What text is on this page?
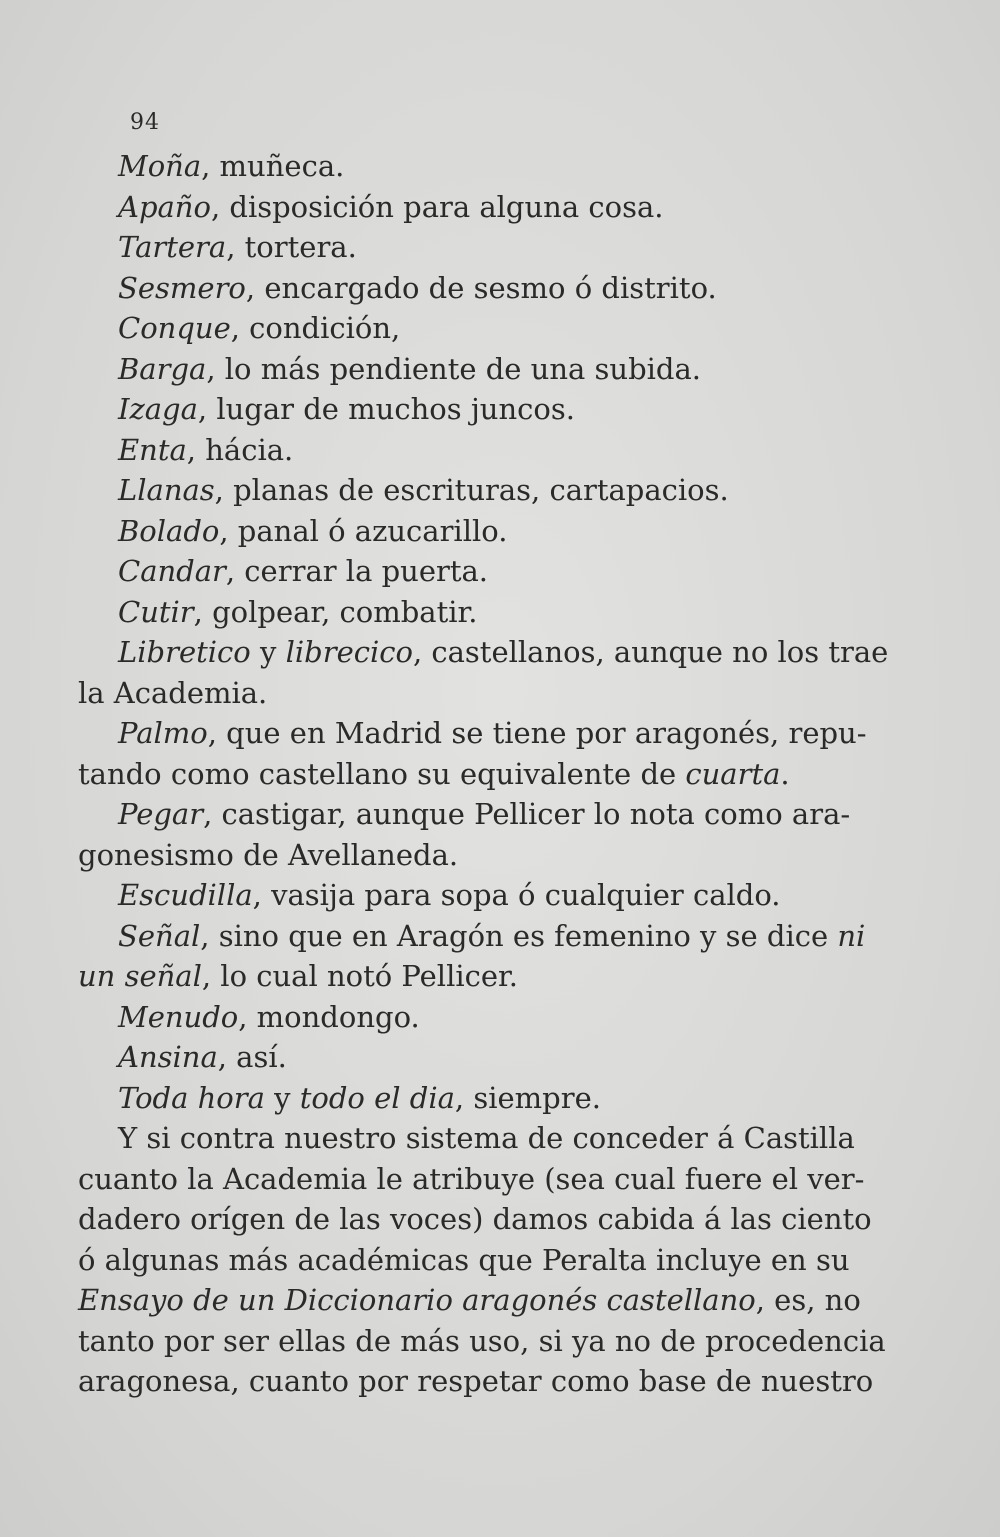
94
Moña, muñeca.
Apaño, disposición para alguna cosa.
Tartera, tortera.
Sesmero, encargado de sesmo ó distrito.
Conque, condición,
Barga, lo más pendiente de una subida.
Izaga, lugar de muchos juncos.
Enta, hácia.
Llanas, planas de escrituras, cartapacios.
Bolado, panal ó azucarillo.
Candar, cerrar la puerta.
Cutir, golpear, combatir.
Libretico y librecico, castellanos, aunque no los trae
la Academia.
Palmo, que en Madrid se tiene por aragonés, repu-
tando como castellano su equivalente de cuarta.
Pegar, castigar, aunque Pellicer lo nota como ara-
gonesismo de Avellaneda.
Escudilla, vasija para sopa ó cualquier caldo.
Señal, sino que en Aragón es femenino y se dice ni
un señal, lo cual notó Pellicer.
Menudo, mondongo.
Ansina, así.
Toda hora y todo el dia, siempre.
Y si contra nuestro sistema de conceder á Castilla
cuanto la Academia le atribuye (sea cual fuere el ver-
dadero orígen de las voces) damos cabida á las ciento
ó algunas más académicas que Peralta incluye en su
Ensayo de un Diccionario aragonés castellano, es, no
tanto por ser ellas de más uso, si ya no de procedencia
aragonesa, cuanto por respetar como base de nuestro
